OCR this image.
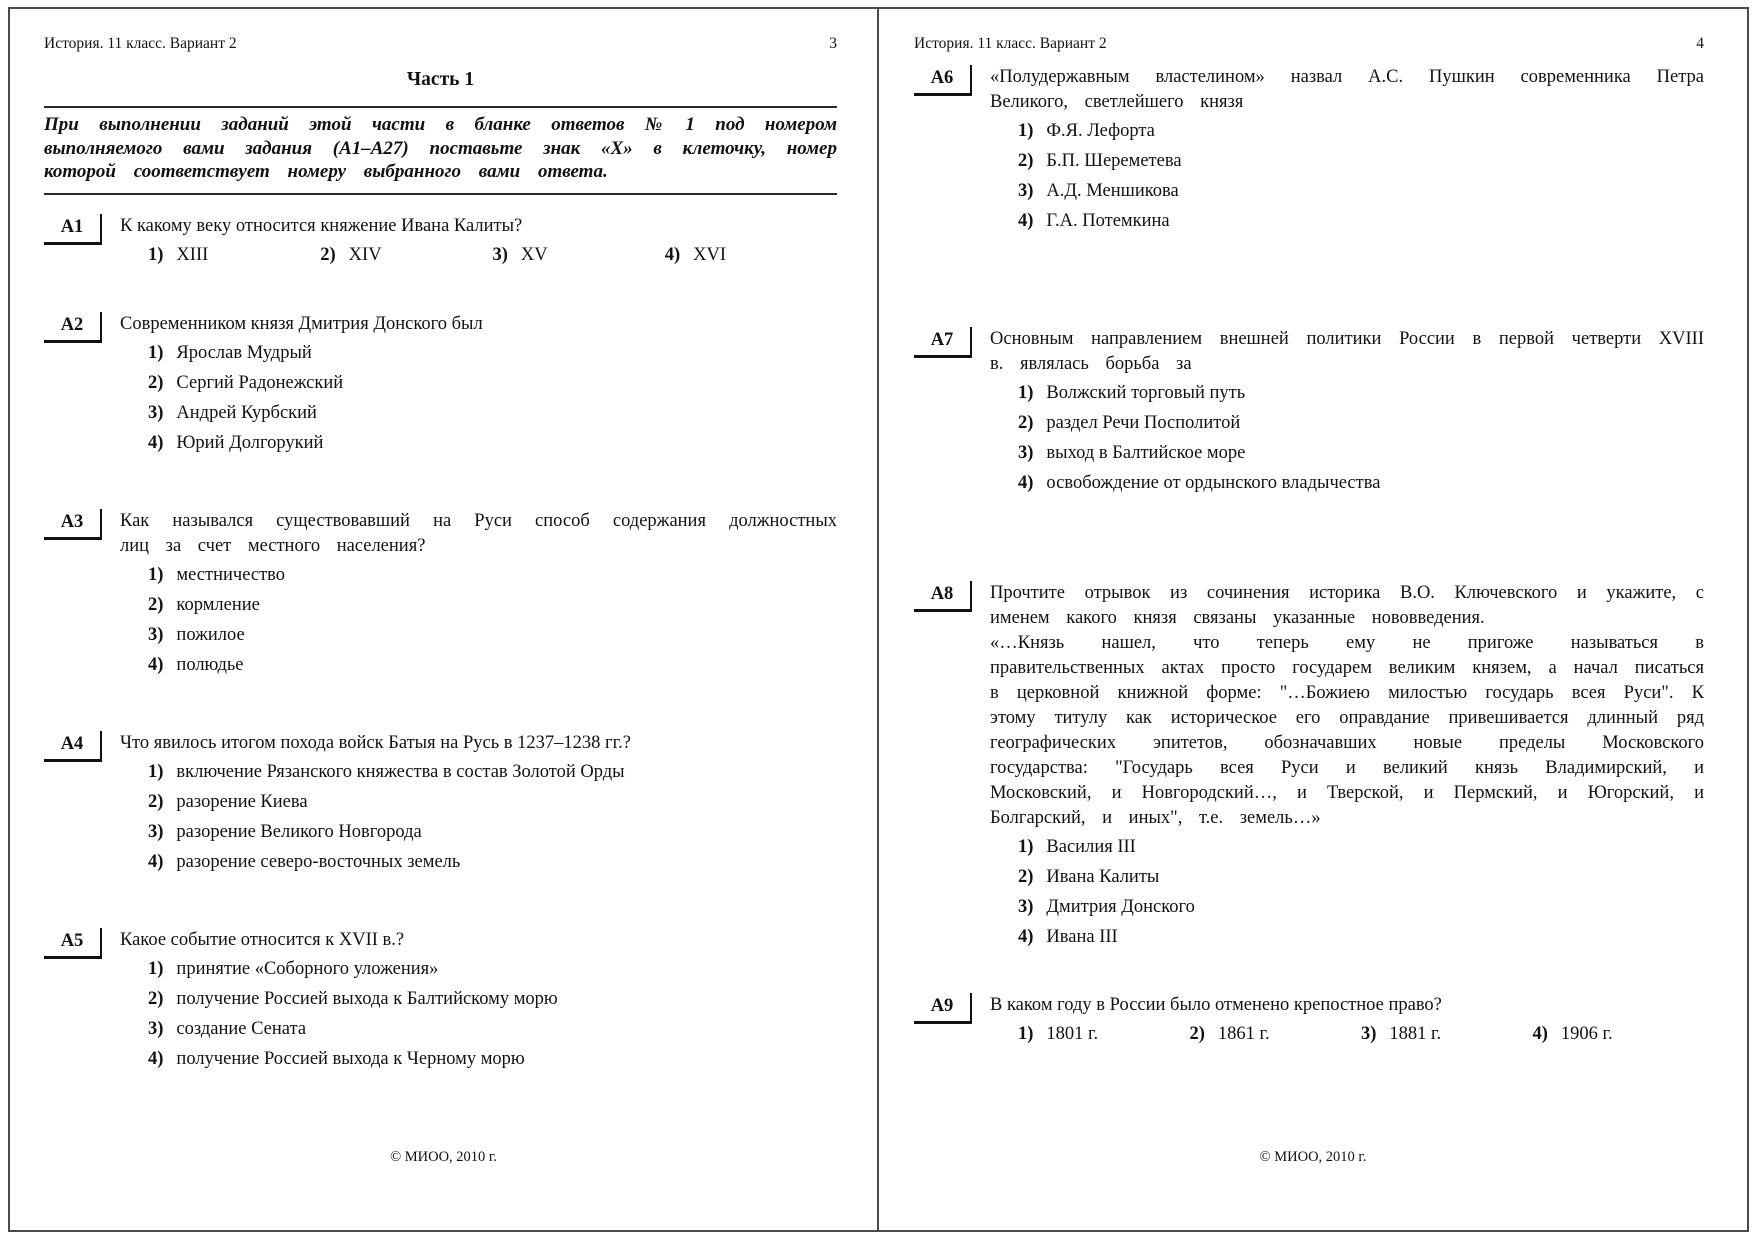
История. 11 класс. Вариант 2	3
Часть 1
При выполнении заданий этой части в бланке ответов № 1 под номером выполняемого вами задания (А1–А27) поставьте знак «Х» в клеточку, номер которой соответствует номеру выбранного вами ответа.
А1	К какому веку относится княжение Ивана Калиты?
1) XIII	2) XIV	3) XV	4) XVI
А2	Современником князя Дмитрия Донского был
1) Ярослав Мудрый
2) Сергий Радонежский
3) Андрей Курбский
4) Юрий Долгорукий
А3	Как назывался существовавший на Руси способ содержания должностных лиц за счет местного населения?
1) местничество
2) кормление
3) пожилое
4) полюдье
А4	Что явилось итогом похода войск Батыя на Русь в 1237–1238 гг.?
1) включение Рязанского княжества в состав Золотой Орды
2) разорение Киева
3) разорение Великого Новгорода
4) разорение северо-восточных земель
А5	Какое событие относится к XVII в.?
1) принятие «Соборного уложения»
2) получение Россией выхода к Балтийскому морю
3) создание Сената
4) получение Россией выхода к Черному морю
© МИОО, 2010 г.
История. 11 класс. Вариант 2	4
А6	«Полудержавным властелином» назвал А.С. Пушкин современника Петра Великого, светлейшего князя
1) Ф.Я. Лефорта
2) Б.П. Шереметева
3) А.Д. Меншикова
4) Г.А. Потемкина
А7	Основным направлением внешней политики России в первой четверти XVIII в. являлась борьба за
1) Волжский торговый путь
2) раздел Речи Посполитой
3) выход в Балтийское море
4) освобождение от ордынского владычества
А8	Прочтите отрывок из сочинения историка В.О. Ключевского и укажите, с именем какого князя связаны указанные нововведения.
«…Князь нашел, что теперь ему не пригоже называться в правительственных актах просто государем великим князем, а начал писаться в церковной книжной форме: "…Божиею милостью государь всея Руси". К этому титулу как историческое его оправдание привешивается длинный ряд географических эпитетов, обозначавших новые пределы Московского государства: "Государь всея Руси и великий князь Владимирский, и Московский, и Новгородский…, и Тверской, и Пермский, и Югорский, и Болгарский, и иных", т.е. земель…»
1) Василия III
2) Ивана Калиты
3) Дмитрия Донского
4) Ивана III
А9	В каком году в России было отменено крепостное право?
1) 1801 г.	2) 1861 г.	3) 1881 г.	4) 1906 г.
© МИОО, 2010 г.
